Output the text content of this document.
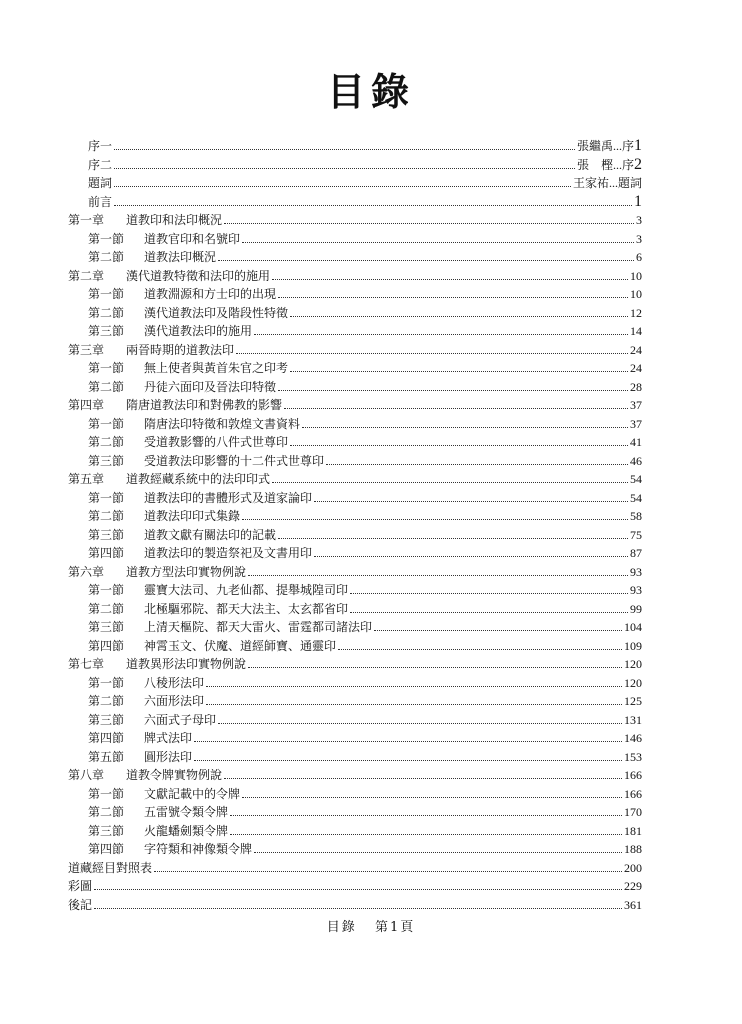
目錄
序一	張繼禹...序1
序二	張　樫...序2
題詞	王家祐...題詞
前言	1
第一章 道教印和法印概況	3
第一節 道教官印和名號印	3
第二節 道教法印概況	6
第二章 漢代道教特徵和法印的施用	10
第一節 道教淵源和方士印的出現	10
第二節 漢代道教法印及階段性特徵	12
第三節 漢代道教法印的施用	14
第三章 兩晉時期的道教法印	24
第一節 無上使者與黃首朱官之印考	24
第二節 丹徒六面印及晉法印特徵	28
第四章 隋唐道教法印和對佛教的影響	37
第一節 隋唐法印特徵和敦煌文書資料	37
第二節 受道教影響的八件式世尊印	41
第三節 受道教法印影響的十二件式世尊印	46
第五章 道教經藏系統中的法印印式	54
第一節 道教法印的書體形式及道家論印	54
第二節 道教法印印式集錄	58
第三節 道教文獻有關法印的記載	75
第四節 道教法印的製造祭祀及文書用印	87
第六章 道教方型法印實物例說	93
第一節 靈寶大法司、九老仙都、提舉城隍司印	93
第二節 北極驅邪院、都天大法主、太玄都省印	99
第三節 上清天樞院、都天大雷火、雷霆都司諸法印	104
第四節 神霄玉文、伏魔、道經師寶、通靈印	109
第七章 道教異形法印實物例說	120
第一節 八稜形法印	120
第二節 六面形法印	125
第三節 六面式子母印	131
第四節 牌式法印	146
第五節 圓形法印	153
第八章 道教令牌實物例說	166
第一節 文獻記載中的令牌	166
第二節 五雷號令類令牌	170
第三節 火龍蟠劍類令牌	181
第四節 字符類和神像類令牌	188
道藏經目對照表	200
彩圖	229
後記	361
目錄 第1頁
